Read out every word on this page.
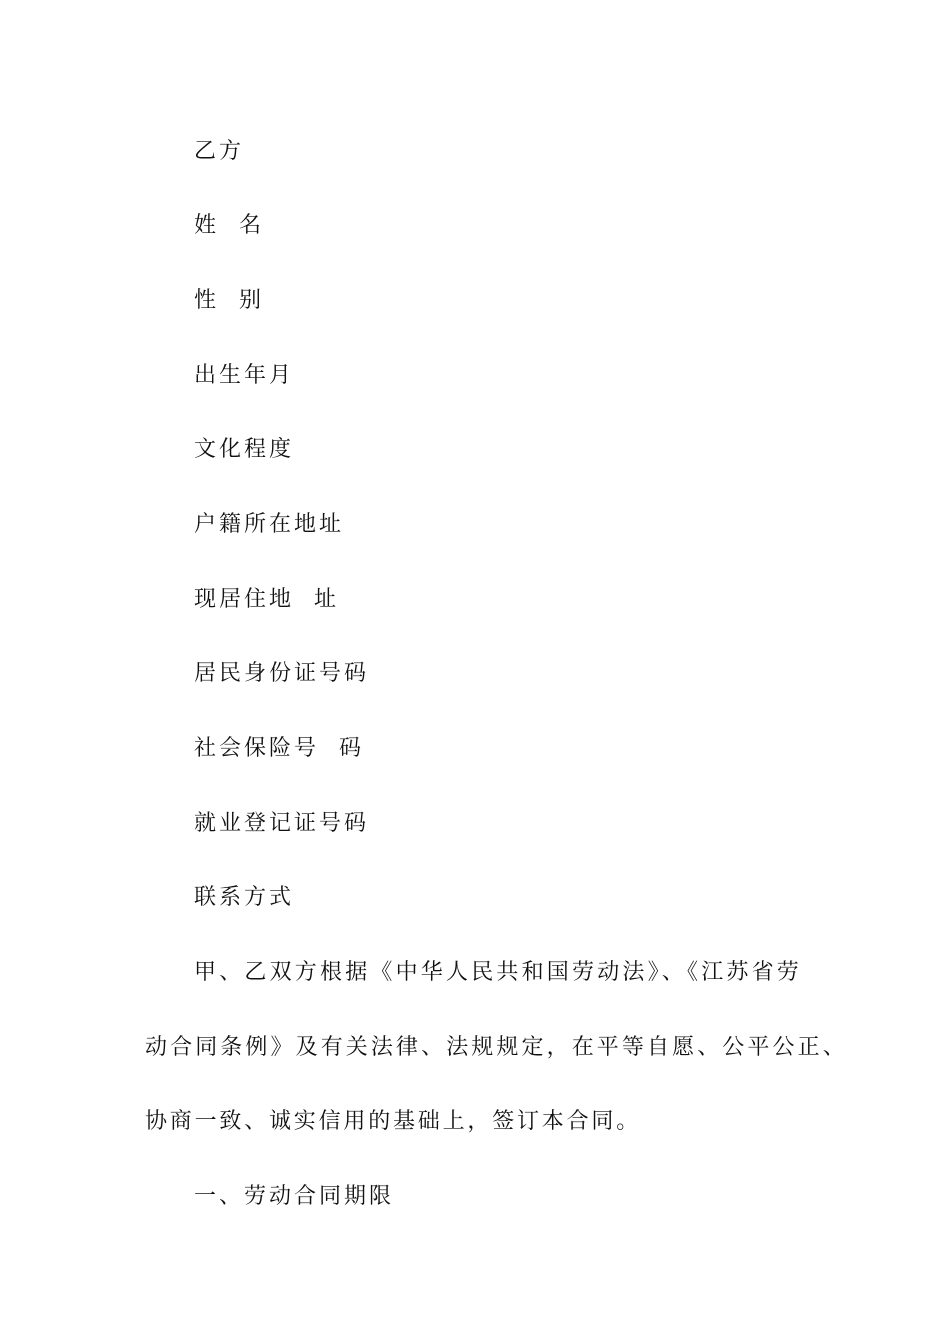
乙方
姓  名
性  别
出生年月
文化程度
户籍所在地址
现居住地  址
居民身份证号码
社会保险号  码
就业登记证号码
联系方式
甲、乙双方根据《中华人民共和国劳动法》、《江苏省劳
动合同条例》及有关法律、法规规定，在平等自愿、公平公正、
协商一致、诚实信用的基础上，签订本合同。
一、劳动合同期限
